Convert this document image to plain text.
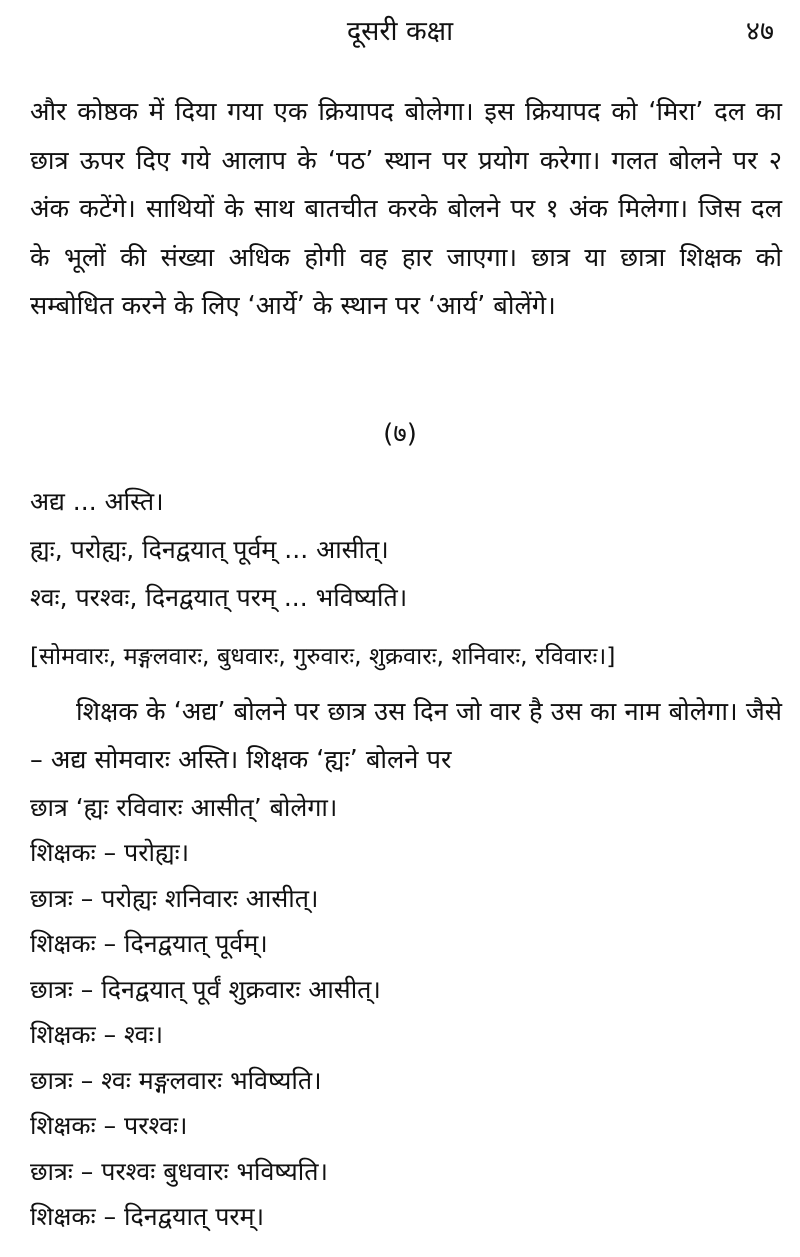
दूसरी कक्षा	४७

और कोष्ठक में दिया गया एक क्रियापद बोलेगा। इस क्रियापद को ‘मिरा’ दल का छात्र ऊपर दिए गये आलाप के ‘पठ’ स्थान पर प्रयोग करेगा। गलत बोलने पर २ अंक कटेंगे। साथियों के साथ बातचीत करके बोलने पर १ अंक मिलेगा। जिस दल के भूलों की संख्या अधिक होगी वह हार जाएगा। छात्र या छात्रा शिक्षक को सम्बोधित करने के लिए ‘आर्ये’ के स्थान पर ‘आर्य’ बोलेंगे।

(७)

अद्य ... अस्ति।
ह्यः, परोह्यः, दिनद्वयात् पूर्वम् ... आसीत्।
श्वः, परश्वः, दिनद्वयात् परम् ... भविष्यति।

[सोमवारः, मङ्गलवारः, बुधवारः, गुरुवारः, शुक्रवारः, शनिवारः, रविवारः।]

शिक्षक के ‘अद्य’ बोलने पर छात्र उस दिन जो वार है उस का नाम बोलेगा। जैसे – अद्य सोमवारः अस्ति। शिक्षक ‘ह्यः’ बोलने पर

छात्र ‘ह्यः रविवारः आसीत्’ बोलेगा।

शिक्षकः – परोह्यः।
छात्रः – परोह्यः शनिवारः आसीत्।
शिक्षकः – दिनद्वयात् पूर्वम्।
छात्रः – दिनद्वयात् पूर्वं शुक्रवारः आसीत्।
शिक्षकः – श्वः।
छात्रः – श्वः मङ्गलवारः भविष्यति।
शिक्षकः – परश्वः।
छात्रः – परश्वः बुधवारः भविष्यति।
शिक्षकः – दिनद्वयात् परम्।
